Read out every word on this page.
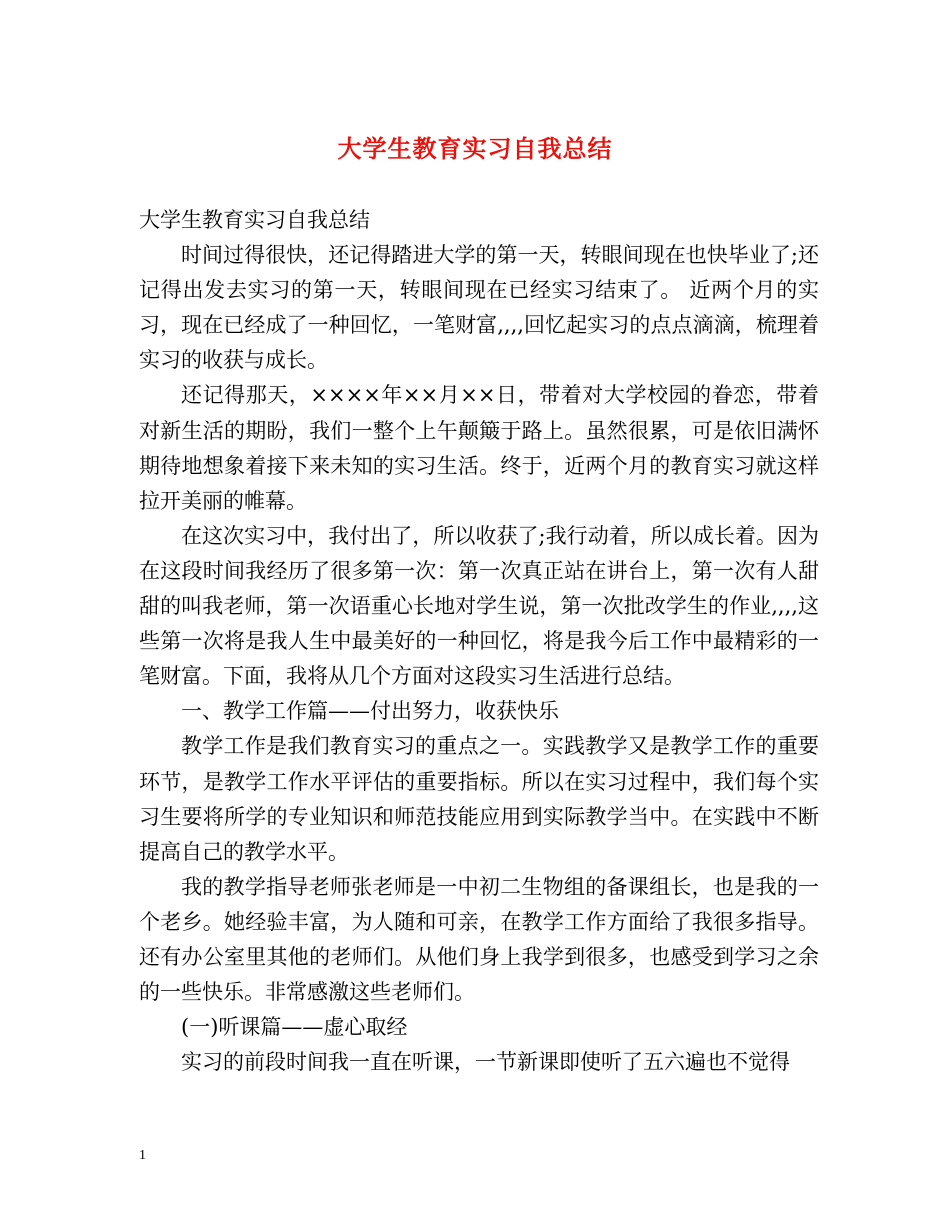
大学生教育实习自我总结

大学生教育实习自我总结

时间过得很快，还记得踏进大学的第一天，转眼间现在也快毕业了;还记得出发去实习的第一天，转眼间现在已经实习结束了。 近两个月的实习，现在已经成了一种回忆，一笔财富,,,,回忆起实习的点点滴滴，梳理着实习的收获与成长。

还记得那天，××××年××月××日，带着对大学校园的眷恋，带着对新生活的期盼，我们一整个上午颠簸于路上。虽然很累，可是依旧满怀期待地想象着接下来未知的实习生活。终于，近两个月的教育实习就这样拉开美丽的帷幕。

在这次实习中，我付出了，所以收获了;我行动着，所以成长着。因为在这段时间我经历了很多第一次：第一次真正站在讲台上，第一次有人甜甜的叫我老师，第一次语重心长地对学生说，第一次批改学生的作业,,,,这些第一次将是我人生中最美好的一种回忆，将是我今后工作中最精彩的一笔财富。下面，我将从几个方面对这段实习生活进行总结。

一、教学工作篇——付出努力，收获快乐

教学工作是我们教育实习的重点之一。实践教学又是教学工作的重要环节，是教学工作水平评估的重要指标。所以在实习过程中，我们每个实习生要将所学的专业知识和师范技能应用到实际教学当中。在实践中不断提高自己的教学水平。

我的教学指导老师张老师是一中初二生物组的备课组长，也是我的一个老乡。她经验丰富，为人随和可亲，在教学工作方面给了我很多指导。还有办公室里其他的老师们。从他们身上我学到很多，也感受到学习之余的一些快乐。非常感激这些老师们。

(一)听课篇——虚心取经

实习的前段时间我一直在听课，一节新课即使听了五六遍也不觉得

1
